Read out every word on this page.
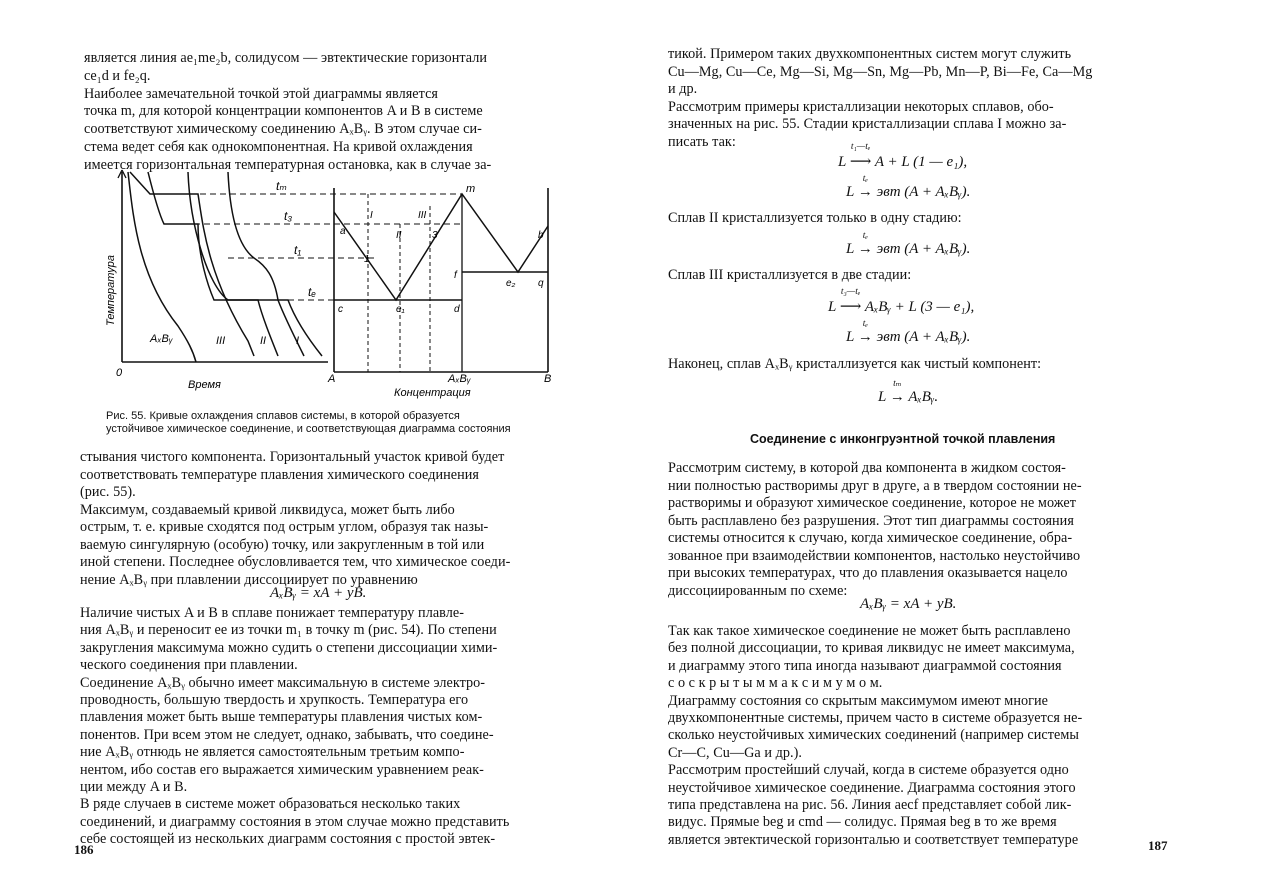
является линия ae₁me₂b, солидусом — эвтектические горизонтали
ce₁d и fe₂q.
Наиболее замечательной точкой этой диаграммы является
точка m, для которой концентрации компонентов A и B в системе
соответствуют химическому соединению AₓBᵧ. В этом случае си-
стема ведет себя как однокомпонентная. На кривой охлаждения
имеется горизонтальная температурная остановка, как в случае за-
tₘ
t₃
t₁
tₑ
AₓBᵧ	III	II	I
m
I	III
a	II	3	b
1
f
e₂ q
c	e₁	d
0	A	AₓBᵧ	B
Время
Концентрация
Температура
Рис. 55. Кривые охлаждения сплавов системы, в которой образуется
устойчивое химическое соединение, и соответствующая диаграмма состояния
стывания чистого компонента. Горизонтальный участок кривой будет
соответствовать температуре плавления химического соединения
(рис. 55).
Максимум, создаваемый кривой ликвидуса, может быть либо
острым, т. е. кривые сходятся под острым углом, образуя так назы-
ваемую сингулярную (особую) точку, или закругленным в той или
иной степени. Последнее обусловливается тем, что химическое соеди-
нение AₓBᵧ при плавлении диссоциирует по уравнению
AₓBᵧ = xA + yB.
Наличие чистых A и B в сплаве понижает температуру плавле-
ния AₓBᵧ и переносит ее из точки m₁ в точку m (рис. 54). По степени
закругления максимума можно судить о степени диссоциации хими-
ческого соединения при плавлении.
Соединение AₓBᵧ обычно имеет максимальную в системе электро-
проводность, большую твердость и хрупкость. Температура его
плавления может быть выше температуры плавления чистых ком-
понентов. При всем этом не следует, однако, забывать, что соедине-
ние AₓBᵧ отнюдь не является самостоятельным третьим компо-
нентом, ибо состав его выражается химическим уравнением реак-
ции между A и B.
В ряде случаев в системе может образоваться несколько таких
соединений, и диаграмму состояния в этом случае можно представить
себе состоящей из нескольких диаграмм состояния с простой эвтек-
186
тикой. Примером таких двухкомпонентных систем могут служить
Cu—Mg, Cu—Ce, Mg—Si, Mg—Sn, Mg—Pb, Mn—P, Bi—Fe, Ca—Mg
и др.
Рассмотрим примеры кристаллизации некоторых сплавов, обо-
значенных на рис. 55. Стадии кристаллизации сплава I можно за-
писать так:
L
t₁—tₑ
⟶ A + L (1 — e₁),
L
tₑ
→ эвт (A + AₓBᵧ).
Сплав II кристаллизуется только в одну стадию:
L
tₑ
→ эвт (A + AₓBᵧ).
Сплав III кристаллизуется в две стадии:
L
t₃—tₑ
⟶ AₓBᵧ + L (3 — e₁),
L
tₑ
→ эвт (A + AₓBᵧ).
Наконец, сплав AₓBᵧ кристаллизуется как чистый компонент:
L
tₘ
→ AₓBᵧ.
Соединение с инконгруэнтной точкой плавления
Рассмотрим систему, в которой два компонента в жидком состоя-
нии полностью растворимы друг в друге, а в твердом состоянии не-
растворимы и образуют химическое соединение, которое не может
быть расплавлено без разрушения. Этот тип диаграммы состояния
системы относится к случаю, когда химическое соединение, обра-
зованное при взаимодействии компонентов, настолько неустойчиво
при высоких температурах, что до плавления оказывается нацело
диссоциированным по схеме:
AₓBᵧ = xA + yB.
Так как такое химическое соединение не может быть расплавлено
без полной диссоциации, то кривая ликвидус не имеет максимума,
и диаграмму этого типа иногда называют диаграммой состояния
с о с к р ы т ы м м а к с и м у м о м.
Диаграмму состояния со скрытым максимумом имеют многие
двухкомпонентные системы, причем часто в системе образуется не-
сколько неустойчивых химических соединений (например системы
Cr—C, Cu—Ga и др.).
Рассмотрим простейший случай, когда в системе образуется одно
неустойчивое химическое соединение. Диаграмма состояния этого
типа представлена на рис. 56. Линия aecf представляет собой лик-
видус. Прямые beg и cmd — солидус. Прямая beg в то же время
является эвтектической горизонталью и соответствует температуре	187
